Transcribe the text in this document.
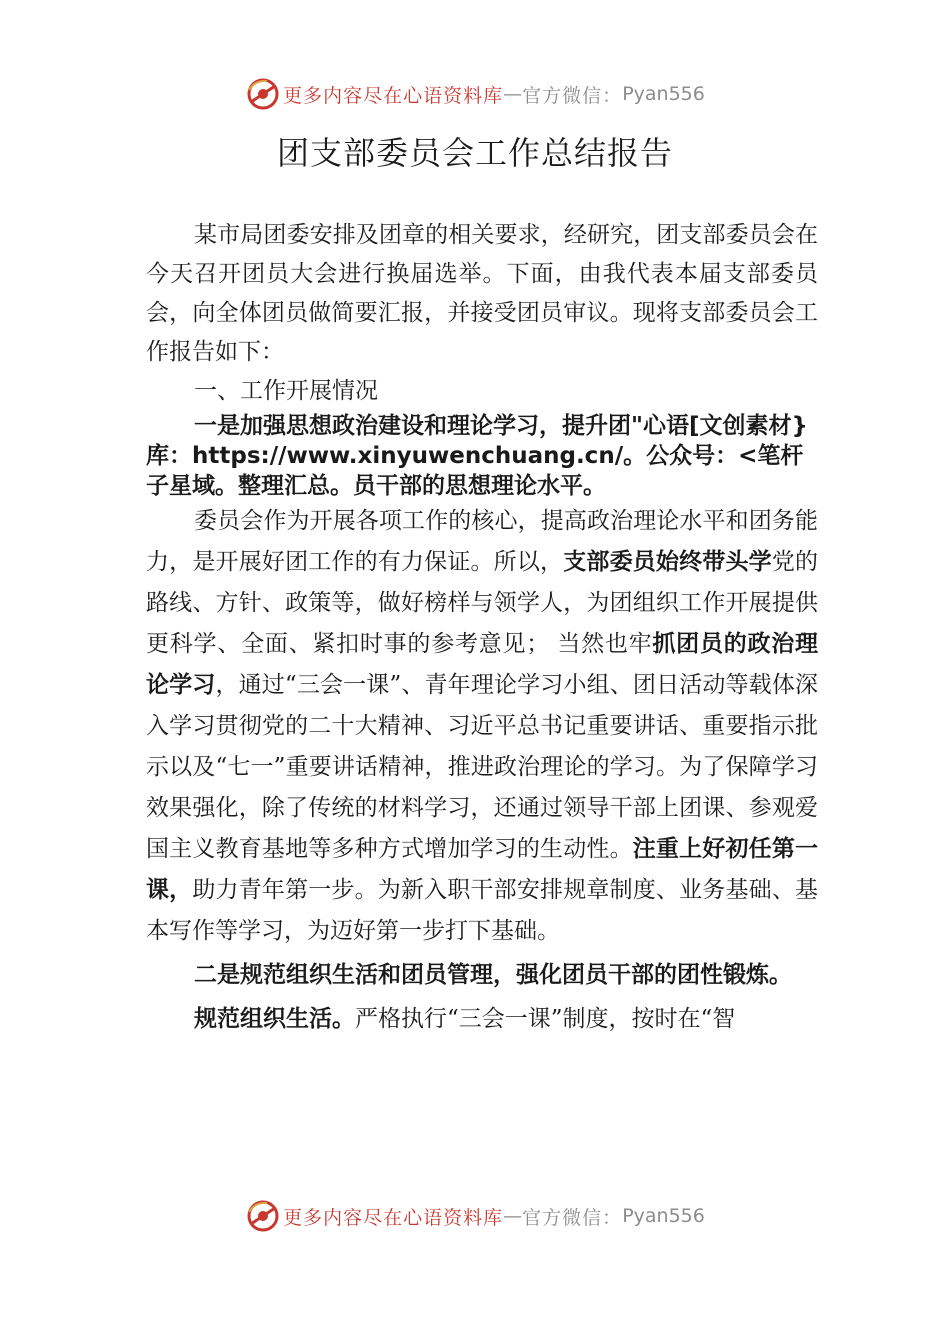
更多内容尽在心语资料库 — 官方微信： Pyan556
团支部委员会工作总结报告

某市局团委安排及团章的相关要求，经研究，团支部委员会在今天召开团员大会进行换届选举。下面，由我代表本届支部委员会，向全体团员做简要汇报，并接受团员审议。现将支部委员会工作报告如下：

一、工作开展情况

一是加强思想政治建设和理论学习，提升团"心语[文创素材}库：https://www.xinyuwenchuang.cn/。公众号：<笔杆子星域。整理汇总。员干部的思想理论水平。

委员会作为开展各项工作的核心，提高政治理论水平和团务能力，是开展好团工作的有力保证。所以，支部委员始终带头学党的路线、方针、政策等，做好榜样与领学人，为团组织工作开展提供更科学、全面、紧扣时事的参考意见； 当然也牢抓团员的政治理论学习，通过“三会一课”、青年理论学习小组、团日活动等载体深入学习贯彻党的二十大精神、习近平总书记重要讲话、重要指示批示以及“七一”重要讲话精神，推进政治理论的学习。为了保障学习效果强化，除了传统的材料学习，还通过领导干部上团课、参观爱国主义教育基地等多种方式增加学习的生动性。注重上好初任第一课，助力青年第一步。为新入职干部安排规章制度、业务基础、基本写作等学习，为迈好第一步打下基础。

二是规范组织生活和团员管理，强化团员干部的团性锻炼。

规范组织生活。严格执行“三会一课”制度，按时在“智

更多内容尽在心语资料库 — 官方微信： Pyan556
